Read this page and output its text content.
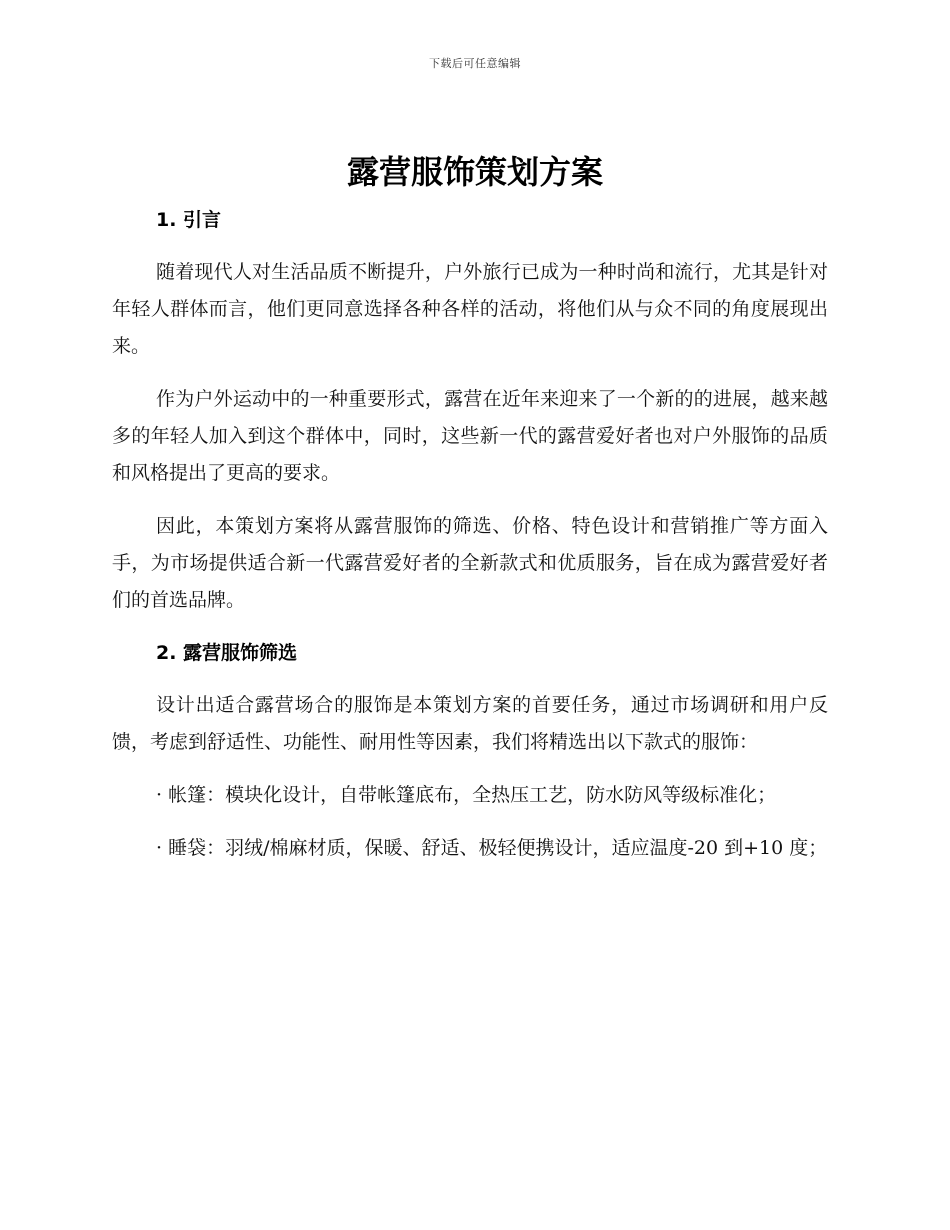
下载后可任意编辑
露营服饰策划方案
1. 引言

随着现代人对生活品质不断提升，户外旅行已成为一种时尚和流行，尤其是针对年轻人群体而言，他们更同意选择各种各样的活动，将他们从与众不同的角度展现出来。

作为户外运动中的一种重要形式，露营在近年来迎来了一个新的的进展，越来越多的年轻人加入到这个群体中，同时，这些新一代的露营爱好者也对户外服饰的品质和风格提出了更高的要求。

因此，本策划方案将从露营服饰的筛选、价格、特色设计和营销推广等方面入手，为市场提供适合新一代露营爱好者的全新款式和优质服务，旨在成为露营爱好者们的首选品牌。

2. 露营服饰筛选

设计出适合露营场合的服饰是本策划方案的首要任务，通过市场调研和用户反馈，考虑到舒适性、功能性、耐用性等因素，我们将精选出以下款式的服饰：

· 帐篷：模块化设计，自带帐篷底布，全热压工艺，防水防风等级标准化；

· 睡袋：羽绒/棉麻材质，保暖、舒适、极轻便携设计，适应温度-20 到+10 度；
